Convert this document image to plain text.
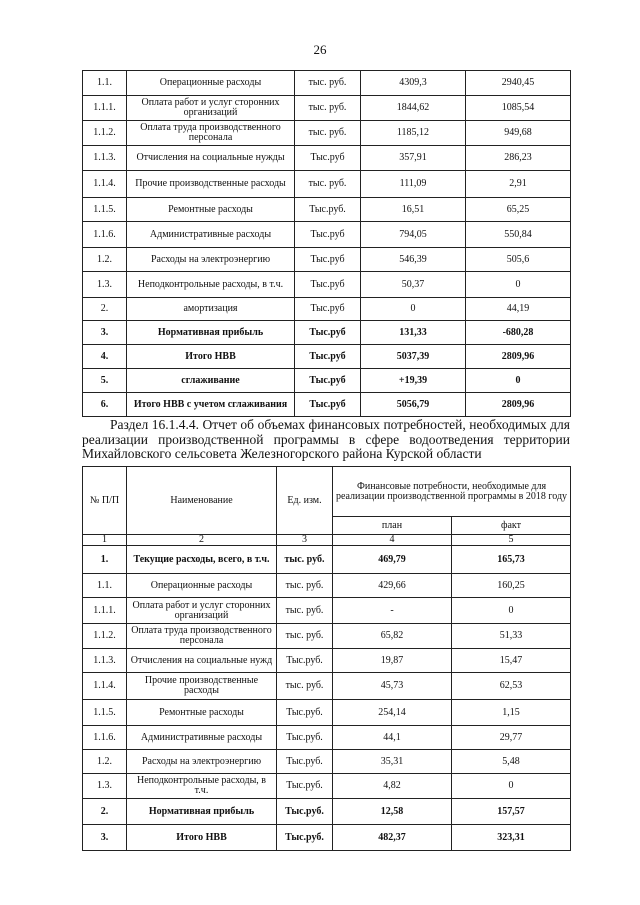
26
1.1.	Операционные расходы	тыс. руб.	4309,3	2940,45
1.1.1.	Оплата работ и услуг сторонних организаций	тыс. руб.	1844,62	1085,54
1.1.2.	Оплата труда производственного персонала	тыс. руб.	1185,12	949,68
1.1.3.	Отчисления на социальные нужды	Тыс.руб	357,91	286,23
1.1.4.	Прочие производственные расходы	тыс. руб.	111,09	2,91
1.1.5.	Ремонтные расходы	Тыс.руб.	16,51	65,25
1.1.6.	Административные расходы	Тыс.руб	794,05	550,84
1.2.	Расходы на электроэнергию	Тыс.руб	546,39	505,6
1.3.	Неподконтрольные расходы, в т.ч.	Тыс.руб	50,37	0
2.	амортизация	Тыс.руб	0	44,19
3.	Нормативная прибыль	Тыс.руб	131,33	-680,28
4.	Итого НВВ	Тыс.руб	5037,39	2809,96
5.	сглаживание	Тыс.руб	+19,39	0
6.	Итого НВВ с учетом сглаживания	Тыс.руб	5056,79	2809,96
Раздел 16.1.4.4. Отчет об объемах финансовых потребностей, необходимых для
реализации производственной программы в сфере водоотведения территории
Михайловского сельсовета Железногорского района Курской области
№ П/П	Наименование	Ед. изм.	Финансовые потребности, необходимые для реализации производственной программы в 2018 году	
			план	факт
1	2	3	4	5
1.	Текущие расходы, всего, в т.ч.	тыс. руб.	469,79	165,73
1.1.	Операционные расходы	тыс. руб.	429,66	160,25
1.1.1.	Оплата работ и услуг сторонних организаций	тыс. руб.	-	0
1.1.2.	Оплата труда производственного персонала	тыс. руб.	65,82	51,33
1.1.3.	Отчисления на социальные нужд	Тыс.руб.	19,87	15,47
1.1.4.	Прочие производственные расходы	тыс. руб.	45,73	62,53
1.1.5.	Ремонтные расходы	Тыс.руб.	254,14	1,15
1.1.6.	Административные расходы	Тыс.руб.	44,1	29,77
1.2.	Расходы на электроэнергию	Тыс.руб.	35,31	5,48
1.3.	Неподконтрольные расходы, в т.ч.	Тыс.руб.	4,82	0
2.	Нормативная прибыль	Тыс.руб.	12,58	157,57
3.	Итого НВВ	Тыс.руб.	482,37	323,31
